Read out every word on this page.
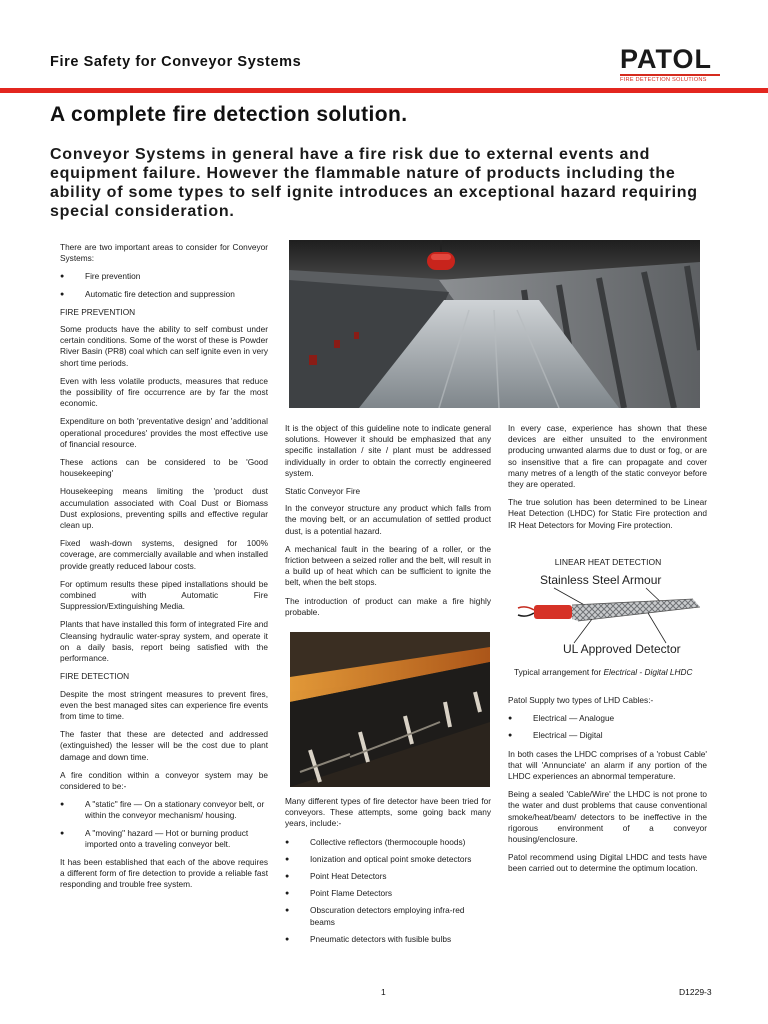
Fire Safety for Conveyor Systems	PATOL
FIRE DETECTION SOLUTIONS
A complete fire detection solution.
Conveyor Systems in general have a fire risk due to external events and equipment failure. However the flammable nature of products including the ability of some types to self ignite introduces an exceptional hazard requiring special consideration.

There are two important areas to consider for Conveyor Systems:

● Fire prevention
● Automatic fire detection and suppression
FIRE PREVENTION

Some products have the ability to self combust under certain conditions. Some of the worst of these is Powder River Basin (PR8) coal which can self ignite even in very short time periods.

Even with less volatile products, measures that reduce the possibility of fire occurrence are by far the most economic.

Expenditure on both 'preventative design' and 'additional operational procedures' provides the most effective use of financial resource.

These actions can be considered to be 'Good housekeeping'

Housekeeping means limiting the 'product dust accumulation associated with Coal Dust or Biomass Dust explosions, preventing spills and effective regular clean up.

Fixed wash-down systems, designed for 100% coverage, are commercially available and when installed provide greatly reduced labour costs.

For optimum results these piped installations should be combined with Automatic Fire Suppression/Extinguishing Media.

Plants that have installed this form of integrated Fire and Cleansing hydraulic water-spray system, and operate it on a daily basis, report being satisfied with the performance.

FIRE DETECTION

Despite the most stringent measures to prevent fires, even the best managed sites can experience fire events from time to time.

The faster that these are detected and addressed (extinguished) the lesser will be the cost due to plant damage and down time.

A fire condition within a conveyor system may be considered to be:-

● A "static" fire — On a stationary conveyor belt, or within the conveyor mechanism/ housing.
● A "moving" hazard — Hot or burning product imported onto a traveling conveyor belt.

It has been established that each of the above requires a different form of fire detection to provide a reliable fast responding and trouble free system.

It is the object of this guideline note to indicate general solutions. However it should be emphasized that any specific installation / site / plant must be addressed individually in order to obtain the correctly engineered system.

Static Conveyor Fire

In the conveyor structure any product which falls from the moving belt, or an accumulation of settled product dust, is a potential hazard.

A mechanical fault in the bearing of a roller, or the friction between a seized roller and the belt, will result in a build up of heat which can be sufficient to ignite the belt, when the belt stops.

The introduction of product can make a fire highly probable.

Many different types of fire detector have been tried for conveyors. These attempts, some going back many years, include:-

● Collective reflectors (thermocouple hoods)
● Ionization and optical point smoke detectors
● Point Heat Detectors
● Point Flame Detectors
● Obscuration detectors employing infra-red beams
● Pneumatic detectors with fusible bulbs

In every case, experience has shown that these devices are either unsuited to the environment producing unwanted alarms due to dust or fog, or are so insensitive that a fire can propagate and cover many metres of a length of the static conveyor before they are operated.

The true solution has been determined to be Linear Heat Detection (LHDC) for Static Fire protection and IR Heat Detectors for Moving Fire protection.

LINEAR HEAT DETECTION
Stainless Steel Armour
UL Approved Detector
Typical arrangement for Electrical - Digital LHDC

Patol Supply two types of LHD Cables:-

● Electrical — Analogue
● Electrical — Digital

In both cases the LHDC comprises of a 'robust Cable' that will 'Annunciate' an alarm if any portion of the LHDC experiences an abnormal temperature.

Being a sealed 'Cable/Wire' the LHDC is not prone to the water and dust problems that cause conventional smoke/heat/beam/ detectors to be ineffective in the rigorous environment of a conveyor housing/enclosure.

Patol recommend using Digital LHDC and tests have been carried out to determine the optimum location.

1	D1229-3
